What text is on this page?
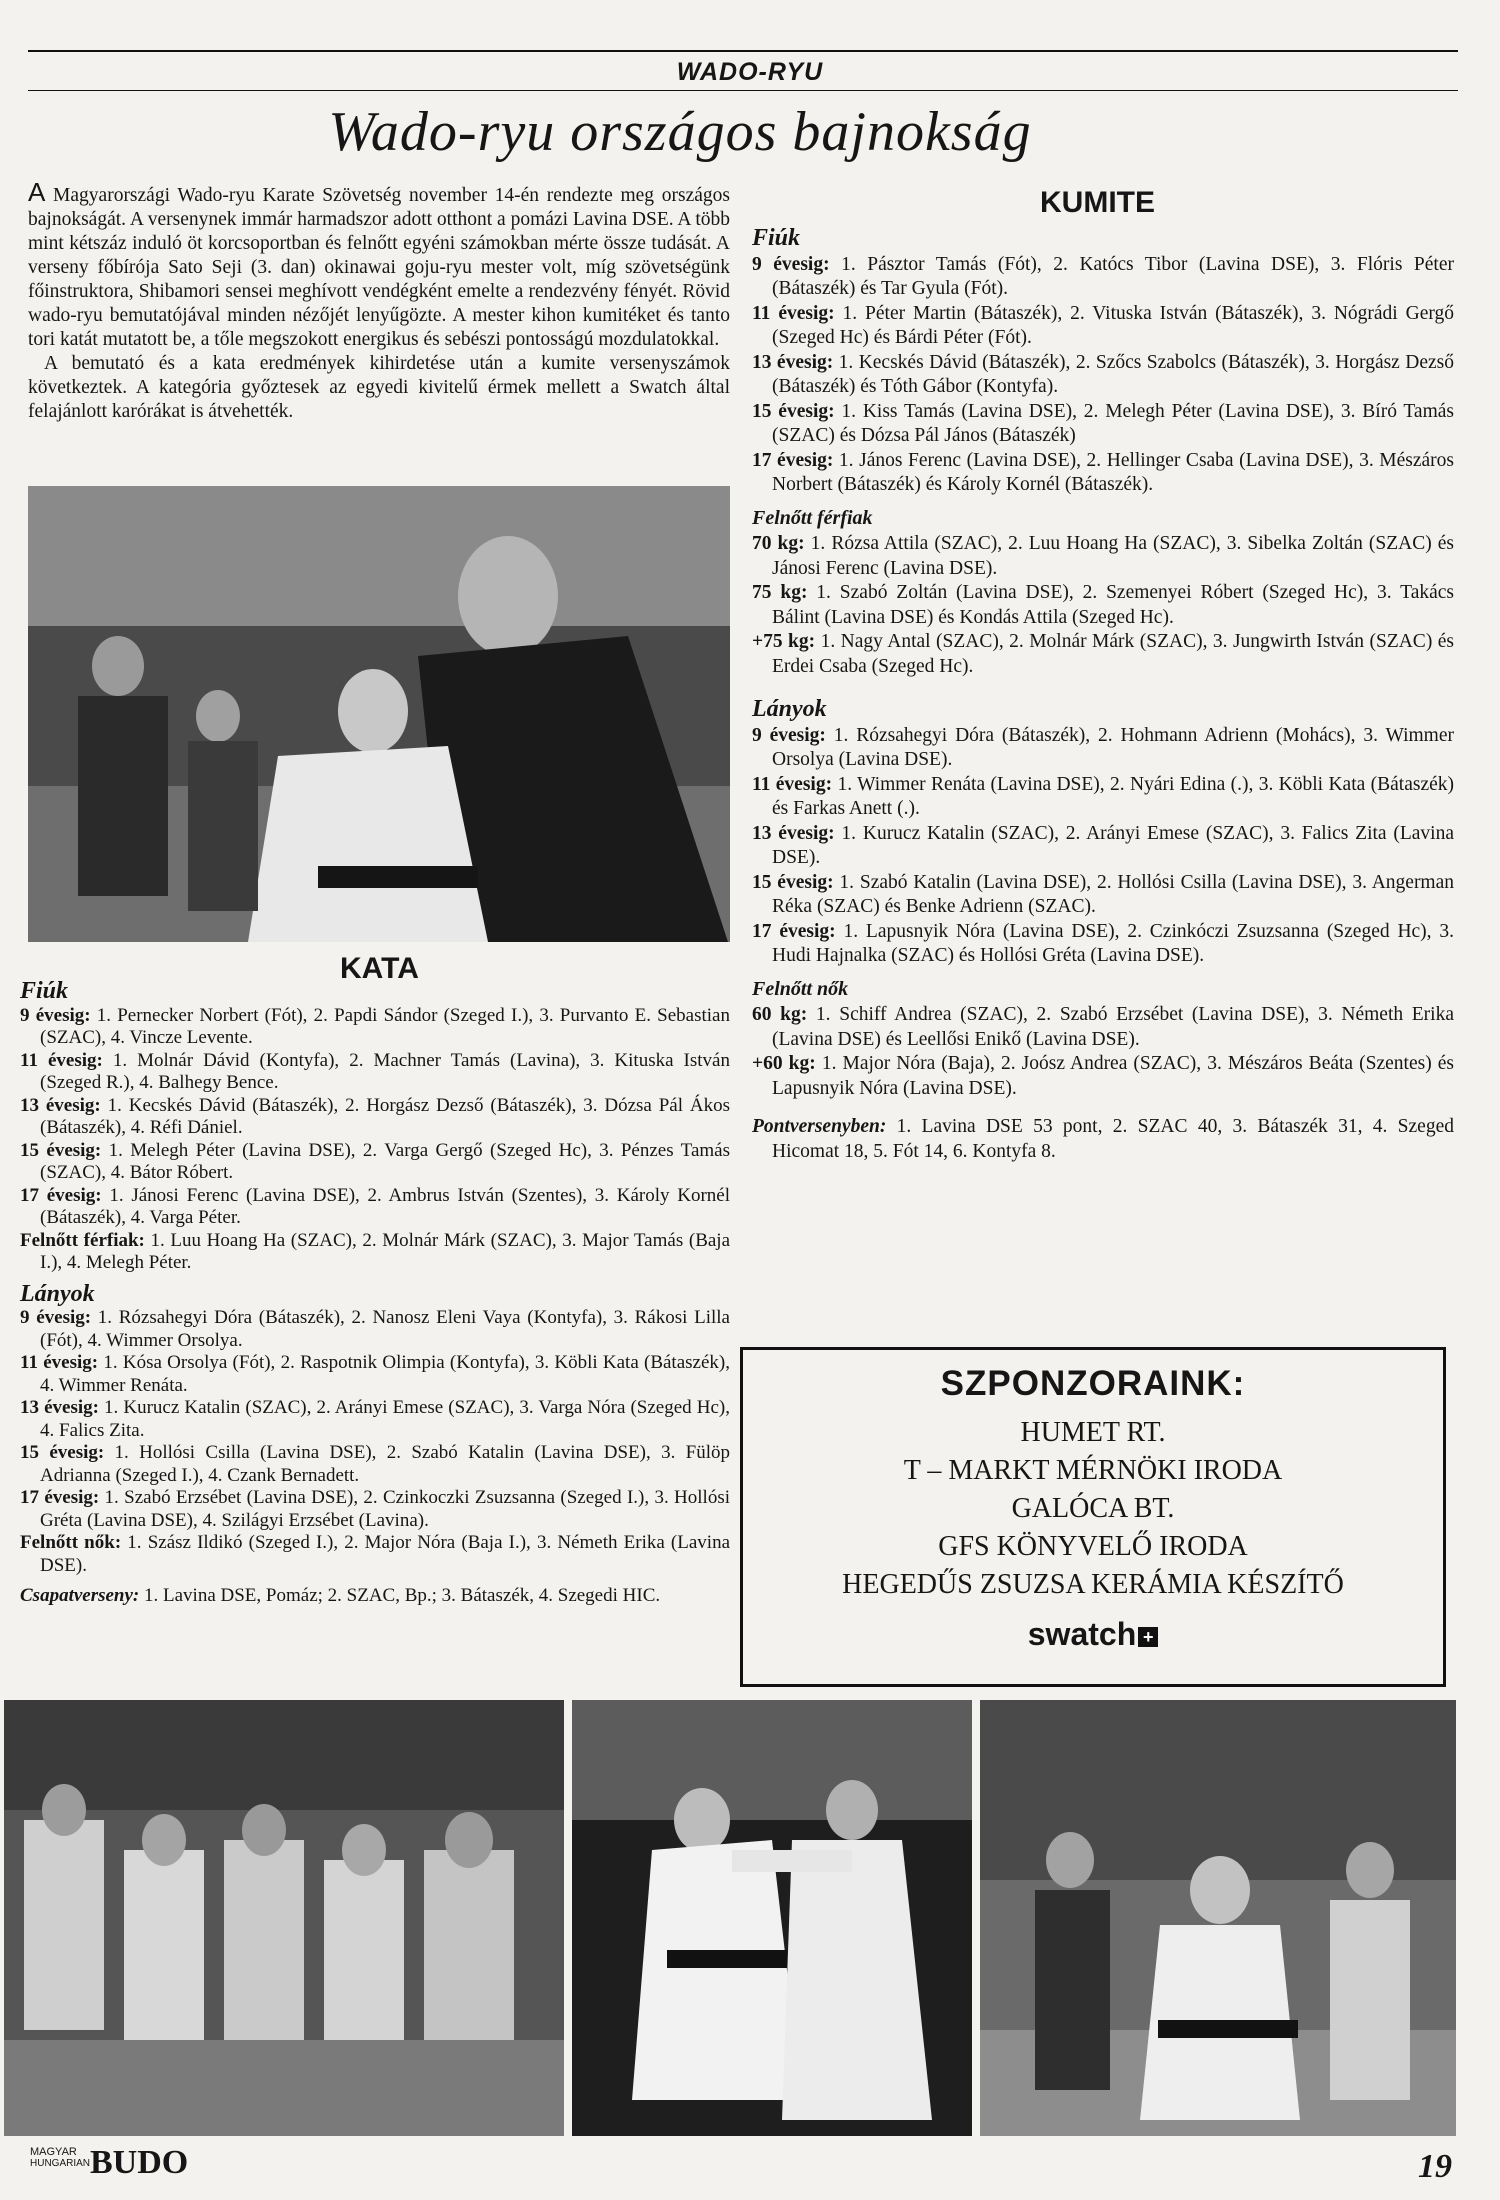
WADO-RYU
Wado-ryu országos bajnokság

A Magyarországi Wado-ryu Karate Szövetség november 14-én rendezte meg országos bajnokságát. A versenynek immár harmadszor adott otthont a pomázi Lavina DSE. A több mint kétszáz induló öt korcsoportban és felnőtt egyéni számokban mérte össze tudását. A verseny főbírója Sato Seji (3. dan) okinawai goju-ryu mester volt, míg szövetségünk főinstruktora, Shibamori sensei meghívott vendégként emelte a rendezvény fényét. Rövid wado-ryu bemutatójával minden nézőjét lenyűgözte. A mester kihon kumitéket és tanto tori katát mutatott be, a tőle megszokott energikus és sebészi pontosságú mozdulatokkal.

A bemutató és a kata eredmények kihirdetése után a kumite versenyszámok következtek. A kategória győztesek az egyedi kivitelű érmek mellett a Swatch által felajánlott karórákat is átvehették.

KATA
Fiúk

9 évesig: 1. Pernecker Norbert (Fót), 2. Papdi Sándor (Szeged I.), 3. Purvanto E. Sebastian (SZAC), 4. Vincze Levente.

11 évesig: 1. Molnár Dávid (Kontyfa), 2. Machner Tamás (Lavina), 3. Kituska István (Szeged R.), 4. Balhegy Bence.

13 évesig: 1. Kecskés Dávid (Bátaszék), 2. Horgász Dezső (Bátaszék), 3. Dózsa Pál Ákos (Bátaszék), 4. Réfi Dániel.

15 évesig: 1. Melegh Péter (Lavina DSE), 2. Varga Gergő (Szeged Hc), 3. Pénzes Tamás (SZAC), 4. Bátor Róbert.

17 évesig: 1. Jánosi Ferenc (Lavina DSE), 2. Ambrus István (Szentes), 3. Károly Kornél (Bátaszék), 4. Varga Péter.

Felnőtt férfiak: 1. Luu Hoang Ha (SZAC), 2. Molnár Márk (SZAC), 3. Major Tamás (Baja I.), 4. Melegh Péter.

Lányok

9 évesig: 1. Rózsahegyi Dóra (Bátaszék), 2. Nanosz Eleni Vaya (Kontyfa), 3. Rákosi Lilla (Fót), 4. Wimmer Orsolya.

11 évesig: 1. Kósa Orsolya (Fót), 2. Raspotnik Olimpia (Kontyfa), 3. Köbli Kata (Bátaszék), 4. Wimmer Renáta.

13 évesig: 1. Kurucz Katalin (SZAC), 2. Arányi Emese (SZAC), 3. Varga Nóra (Szeged Hc), 4. Falics Zita.

15 évesig: 1. Hollósi Csilla (Lavina DSE), 2. Szabó Katalin (Lavina DSE), 3. Fülöp Adrianna (Szeged I.), 4. Czank Bernadett.

17 évesig: 1. Szabó Erzsébet (Lavina DSE), 2. Czinkoczki Zsuzsanna (Szeged I.), 3. Hollósi Gréta (Lavina DSE), 4. Szilágyi Erzsébet (Lavina).

Felnőtt nők: 1. Szász Ildikó (Szeged I.), 2. Major Nóra (Baja I.), 3. Németh Erika (Lavina DSE).

Csapatverseny: 1. Lavina DSE, Pomáz; 2. SZAC, Bp.; 3. Bátaszék, 4. Szegedi HIC.

KUMITE
Fiúk

9 évesig: 1. Pásztor Tamás (Fót), 2. Katócs Tibor (Lavina DSE), 3. Flóris Péter (Bátaszék) és Tar Gyula (Fót).

11 évesig: 1. Péter Martin (Bátaszék), 2. Vituska István (Bátaszék), 3. Nógrádi Gergő (Szeged Hc) és Bárdi Péter (Fót).

13 évesig: 1. Kecskés Dávid (Bátaszék), 2. Szőcs Szabolcs (Bátaszék), 3. Horgász Dezső (Bátaszék) és Tóth Gábor (Kontyfa).

15 évesig: 1. Kiss Tamás (Lavina DSE), 2. Melegh Péter (Lavina DSE), 3. Bíró Tamás (SZAC) és Dózsa Pál János (Bátaszék)

17 évesig: 1. János Ferenc (Lavina DSE), 2. Hellinger Csaba (Lavina DSE), 3. Mészáros Norbert (Bátaszék) és Károly Kornél (Bátaszék).

Felnőtt férfiak

70 kg: 1. Rózsa Attila (SZAC), 2. Luu Hoang Ha (SZAC), 3. Sibelka Zoltán (SZAC) és Jánosi Ferenc (Lavina DSE).

75 kg: 1. Szabó Zoltán (Lavina DSE), 2. Szemenyei Róbert (Szeged Hc), 3. Takács Bálint (Lavina DSE) és Kondás Attila (Szeged Hc).

+75 kg: 1. Nagy Antal (SZAC), 2. Molnár Márk (SZAC), 3. Jungwirth István (SZAC) és Erdei Csaba (Szeged Hc).

Lányok

9 évesig: 1. Rózsahegyi Dóra (Bátaszék), 2. Hohmann Adrienn (Mohács), 3. Wimmer Orsolya (Lavina DSE).

11 évesig: 1. Wimmer Renáta (Lavina DSE), 2. Nyári Edina (.), 3. Köbli Kata (Bátaszék) és Farkas Anett (.).

13 évesig: 1. Kurucz Katalin (SZAC), 2. Arányi Emese (SZAC), 3. Falics Zita (Lavina DSE).

15 évesig: 1. Szabó Katalin (Lavina DSE), 2. Hollósi Csilla (Lavina DSE), 3. Angerman Réka (SZAC) és Benke Adrienn (SZAC).

17 évesig: 1. Lapusnyik Nóra (Lavina DSE), 2. Czinkóczi Zsuzsanna (Szeged Hc), 3. Hudi Hajnalka (SZAC) és Hollósi Gréta (Lavina DSE).

Felnőtt nők

60 kg: 1. Schiff Andrea (SZAC), 2. Szabó Erzsébet (Lavina DSE), 3. Németh Erika (Lavina DSE) és Leellősi Enikő (Lavina DSE).

+60 kg: 1. Major Nóra (Baja), 2. Joósz Andrea (SZAC), 3. Mészáros Beáta (Szentes) és Lapusnyik Nóra (Lavina DSE).

Pontversenyben: 1. Lavina DSE 53 pont, 2. SZAC 40, 3. Bátaszék 31, 4. Szeged Hicomat 18, 5. Fót 14, 6. Kontyfa 8.

SZPONZORAINK:
HUMET RT.
T – MARKT MÉRNÖKI IRODA
GALÓCA BT.
GFS KÖNYVELŐ IRODA
HEGEDŰS ZSUZSA KERÁMIA KÉSZÍTŐ
swatch +
MAGYAR
HUNGARIAN BUDO	19
